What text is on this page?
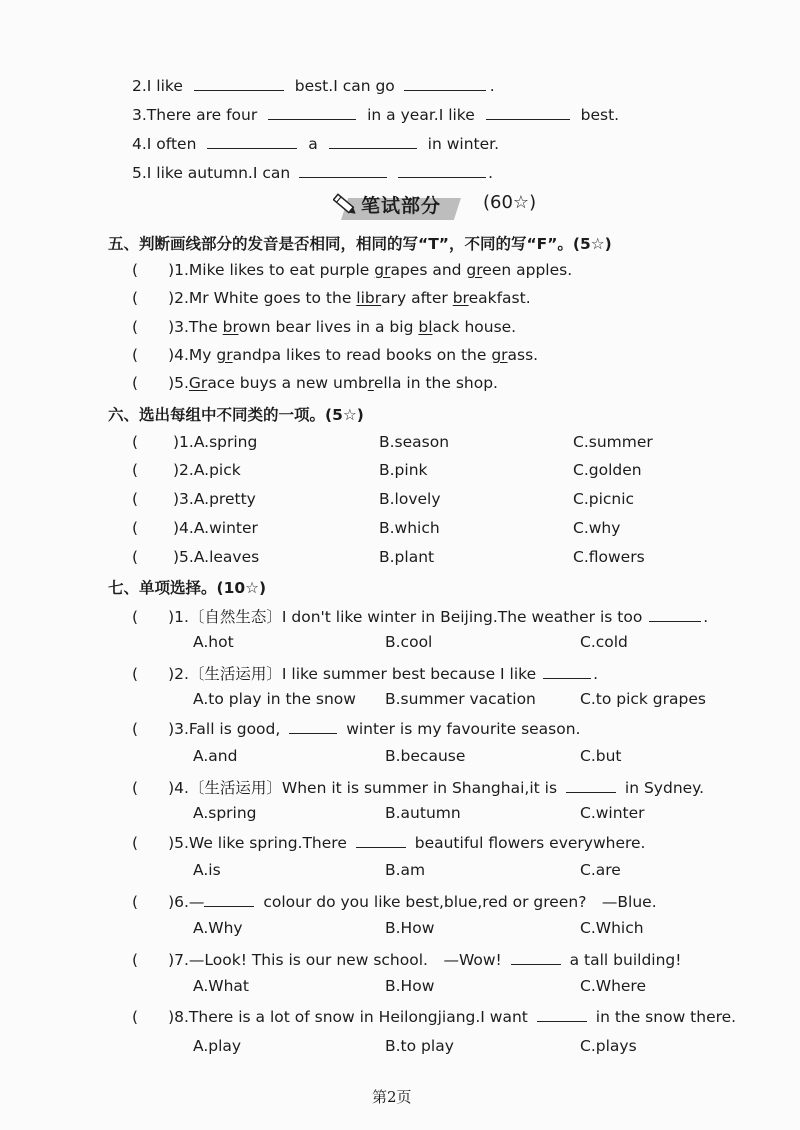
2.I like	best.I can go	.
3.There are four	in a year.I like	best.
4.I often	a	in winter.
5.I like autumn.I can	.
笔试部分 (60☆)
五、判断画线部分的发音是否相同，相同的写“T”，不同的写“F”。(5☆)
( )1.Mike likes to eat purple grapes and green apples.
( )2.Mr White goes to the library after breakfast.
( )3.The brown bear lives in a big black house.
( )4.My grandpa likes to read books on the grass.
( )5.Grace buys a new umbrella in the shop.
六、选出每组中不同类的一项。(5☆)
( )1.A.spring	B.season	C.summer
( )2.A.pick	B.pink	C.golden
( )3.A.pretty	B.lovely	C.picnic
( )4.A.winter	B.which	C.why
( )5.A.leaves	B.plant	C.flowers
七、单项选择。(10☆)
( )1.〔自然生态〕I don't like winter in Beijing.The weather is too	.
A.hot	B.cool	C.cold
( )2.〔生活运用〕I like summer best because I like	.
A.to play in the snow B.summer vacation	C.to pick grapes
( )3.Fall is good,	winter is my favourite season.
A.and	B.because	C.but
( )4.〔生活运用〕When it is summer in Shanghai,it is	in Sydney.
A.spring	B.autumn	C.winter
( )5.We like spring.There	beautiful flowers everywhere.
A.is	B.am	C.are
( )6.—	colour do you like best,blue,red or green?　—Blue.
A.Why	B.How	C.Which
( )7.—Look! This is our new school.　—Wow!	a tall building!
A.What	B.How	C.Where
( )8.There is a lot of snow in Heilongjiang.I want	in the snow there.
A.play	B.to play	C.plays
第2页
